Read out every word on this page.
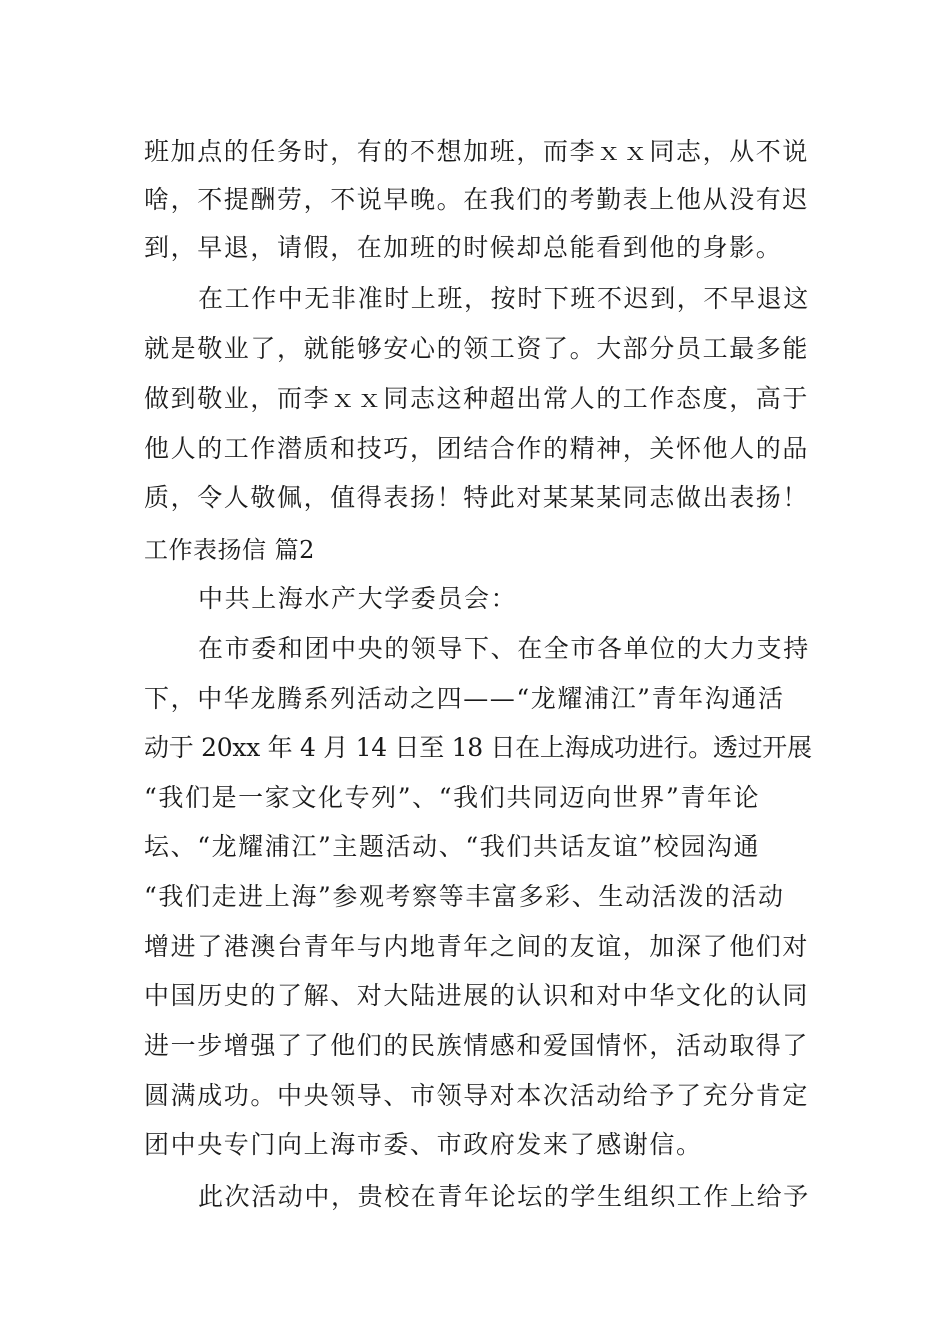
班加点的任务时，有的不想加班，而李ｘｘ同志，从不说
啥，不提酬劳，不说早晚。在我们的考勤表上他从没有迟
到，早退，请假，在加班的时候却总能看到他的身影。
在工作中无非准时上班，按时下班不迟到，不早退这
就是敬业了，就能够安心的领工资了。大部分员工最多能
做到敬业，而李ｘｘ同志这种超出常人的工作态度，高于
他人的工作潜质和技巧，团结合作的精神，关怀他人的品
质，令人敬佩，值得表扬！特此对某某某同志做出表扬！
工作表扬信 篇2
中共上海水产大学委员会：
在市委和团中央的领导下、在全市各单位的大力支持
下，中华龙腾系列活动之四——“龙耀浦江”青年沟通活
动于 20xx 年 4 月 14 日至 18 日在上海成功进行。透过开展
“我们是一家文化专列”、“我们共同迈向世界”青年论
坛、“龙耀浦江”主题活动、“我们共话友谊”校园沟通
“我们走进上海”参观考察等丰富多彩、生动活泼的活动
增进了港澳台青年与内地青年之间的友谊，加深了他们对
中国历史的了解、对大陆进展的认识和对中华文化的认同
进一步增强了了他们的民族情感和爱国情怀，活动取得了
圆满成功。中央领导、市领导对本次活动给予了充分肯定
团中央专门向上海市委、市政府发来了感谢信。
此次活动中，贵校在青年论坛的学生组织工作上给予
